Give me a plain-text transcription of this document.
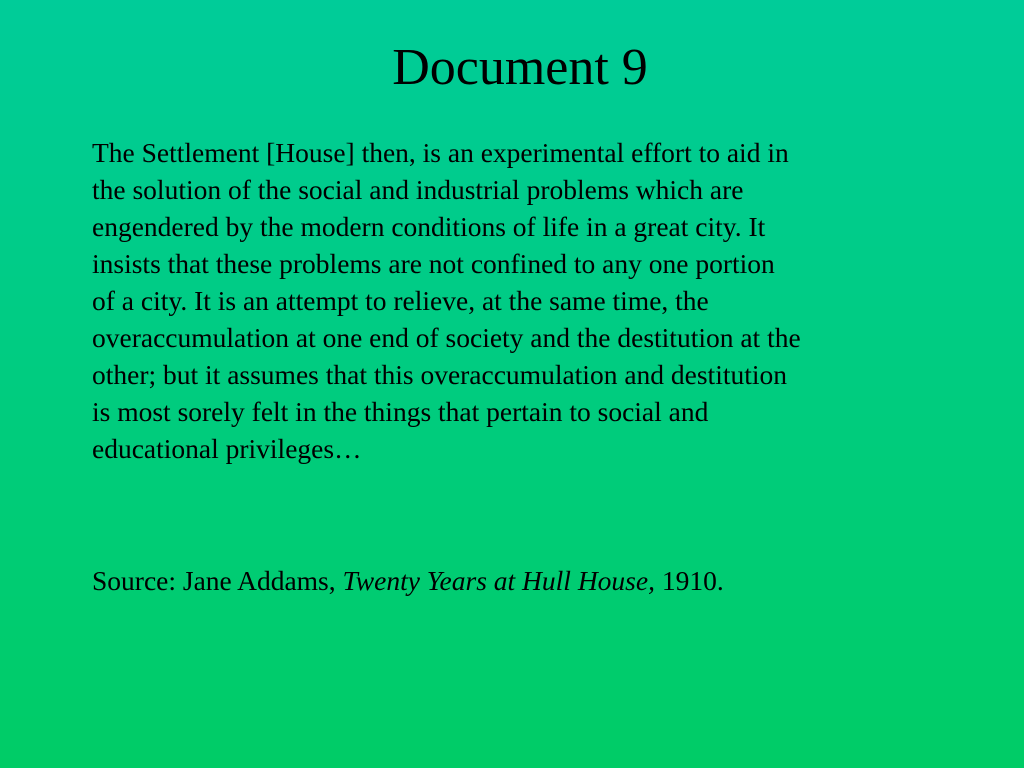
Document 9

The Settlement [House] then, is an experimental effort to aid in
the solution of the social and industrial problems which are
engendered by the modern conditions of life in a great city. It
insists that these problems are not confined to any one portion
of a city. It is an attempt to relieve, at the same time, the
overaccumulation at one end of society and the destitution at the
other; but it assumes that this overaccumulation and destitution
is most sorely felt in the things that pertain to social and
educational privileges…

Source: Jane Addams, Twenty Years at Hull House, 1910.
